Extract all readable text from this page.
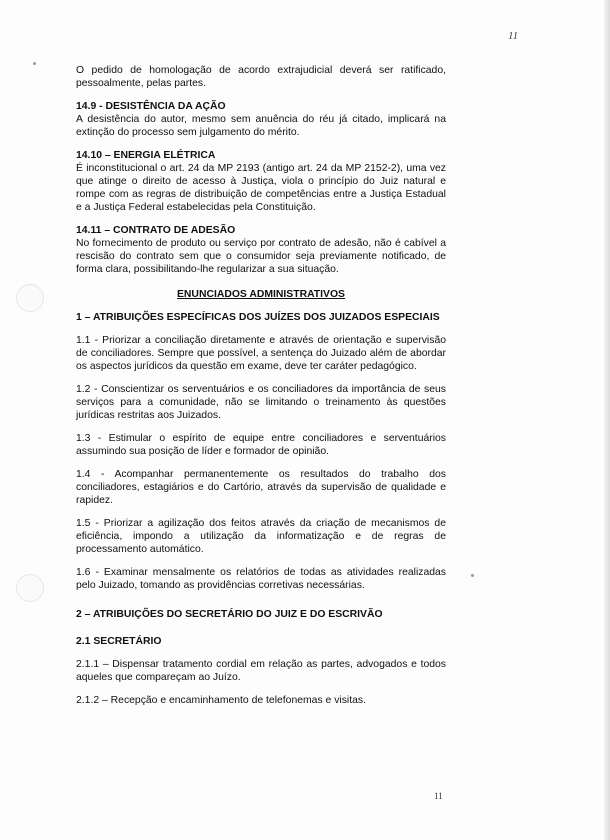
11

O pedido de homologação de acordo extrajudicial deverá ser ratificado, pessoalmente, pelas partes.

14.9 - DESISTÊNCIA DA AÇÃO

A desistência do autor, mesmo sem anuência do réu já citado, implicará na extinção do processo sem julgamento do mérito.

14.10 – ENERGIA ELÉTRICA

É inconstitucional o art. 24 da MP 2193 (antigo art. 24 da MP 2152-2), uma vez que atinge o direito de acesso à Justiça, viola o princípio do Juiz natural e rompe com as regras de distribuição de competências entre a Justiça Estadual e a Justiça Federal estabelecidas pela Constituição.

14.11 – CONTRATO DE ADESÃO

No fornecimento de produto ou serviço por contrato de adesão, não é cabível a rescisão do contrato sem que o consumidor seja previamente notificado, de forma clara, possibilitando-lhe regularizar a sua situação.

ENUNCIADOS ADMINISTRATIVOS

1 – ATRIBUIÇÕES ESPECÍFICAS DOS JUÍZES DOS JUIZADOS ESPECIAIS

1.1 - Priorizar a conciliação diretamente e através de orientação e supervisão de conciliadores. Sempre que possível, a sentença do Juizado além de abordar os aspectos jurídicos da questão em exame, deve ter caráter pedagógico.

1.2 - Conscientizar os serventuários e os conciliadores da importância de seus serviços para a comunidade, não se limitando o treinamento às questões jurídicas restritas aos Juizados.

1.3 - Estimular o espírito de equipe entre conciliadores e serventuários assumindo sua posição de líder e formador de opinião.

1.4 - Acompanhar permanentemente os resultados do trabalho dos conciliadores, estagiários e do Cartório, através da supervisão de qualidade e rapidez.

1.5 - Priorizar a agilização dos feitos através da criação de mecanismos de eficiência, impondo a utilização da informatização e de regras de processamento automático.

1.6 - Examinar mensalmente os relatórios de todas as atividades realizadas pelo Juizado, tomando as providências corretivas necessárias.

2 – ATRIBUIÇÕES DO SECRETÁRIO DO JUIZ E DO ESCRIVÃO

2.1 SECRETÁRIO

2.1.1 – Dispensar tratamento cordial em relação as partes, advogados e todos aqueles que compareçam ao Juízo.

2.1.2 – Recepção e encaminhamento de telefonemas e visitas.

11
